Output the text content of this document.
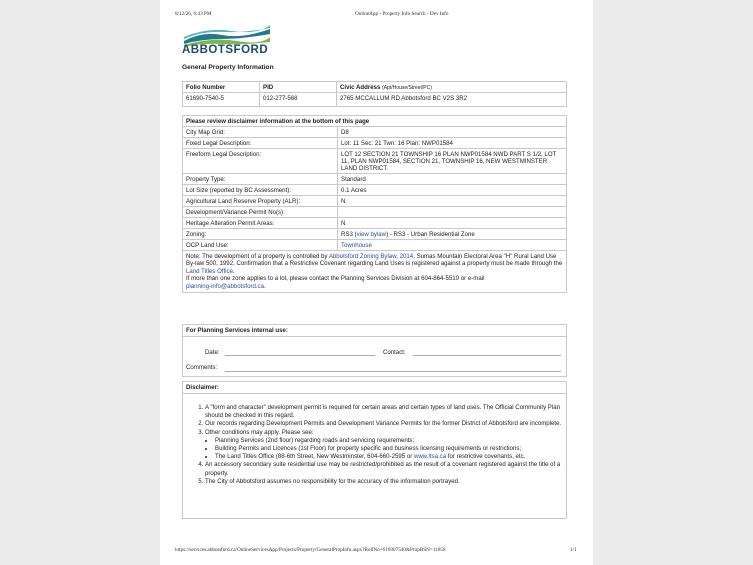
8/12/26, 6:43 PM	OnlineApp - Property Info Search - Dev Info
ABBOTSFORD
General Property Information
Folio Number	PID	Civic Address (Apt/House/Street/PC)
61690-7540-5	012-277-568	2765 MCCALLUM RD Abbotsford BC V2S 3R2
Please review disclaimer information at the bottom of this page	
City Map Grid:	D8
Fixed Legal Description:	Lot: 11 Sec: 21 Twn: 16 Plan: NWP01584
Freeform Legal Description:	LOT 12 SECTION 21 TOWNSHIP 16 PLAN NWP01584 NWD PART S 1/2, LOT 11, PLAN NWP01584, SECTION 21, TOWNSHIP 16, NEW WESTMINSTER LAND DISTRICT.
Property Type:	Standard
Lot Size (reported by BC Assessment):	0.1 Acres
Agricultural Land Reserve Property (ALR):	N
Development/Variance Permit No(s):	
Heritage Alteration Permit Areas:	N
Zoning:	RS3 (view bylaw) - RS3 - Urban Residential Zone
OCP Land Use:	Townhouse
Note: The development of a property is controlled by Abbotsford Zoning Bylaw, 2014, Sumas Mountain Electoral Area "H" Rural Land Use By-law 500, 1992. Confirmation that a Restrictive Covenant regarding Land Uses is registered against a property must be made through the Land Titles Office.
If more than one zone applies to a lot, please contact the Planning Services Division at 604-864-5510 or e-mail
planning-info@abbotsford.ca.	
For Planning Services internal use:
Date:	Contact:
Comments:
Disclaimer:
1. A "form and character" development permit is required for certain areas and certain types of land uses. The Official Community Plan should be checked in this regard.
2. Our records regarding Development Permits and Development Variance Permits for the former District of Abbotsford are incomplete.
3. Other conditions may apply. Please see:
• Planning Services (2nd floor) regarding roads and servicing requirements;
• Building Permits and Licences (1st Floor) for property specific and business licensing requirements or restrictions;
• The Land Titles Office (88-6th Street, New Westminster, 604-660-2595 or www.ltsa.ca for restrictive covenants, etc.
4. An accessory secondary suite residential use may be restricted/prohibited as the result of a covenant registered against the title of a property.
5. The City of Abbotsford assumes no responsibility for the accuracy of the information portrayed.
https://services.abbotsford.ca/OnlineServicesApp/Projects/Property/GeneralPropInfo.aspx?RollNo=616907540&PropRSN=11858	1/1
